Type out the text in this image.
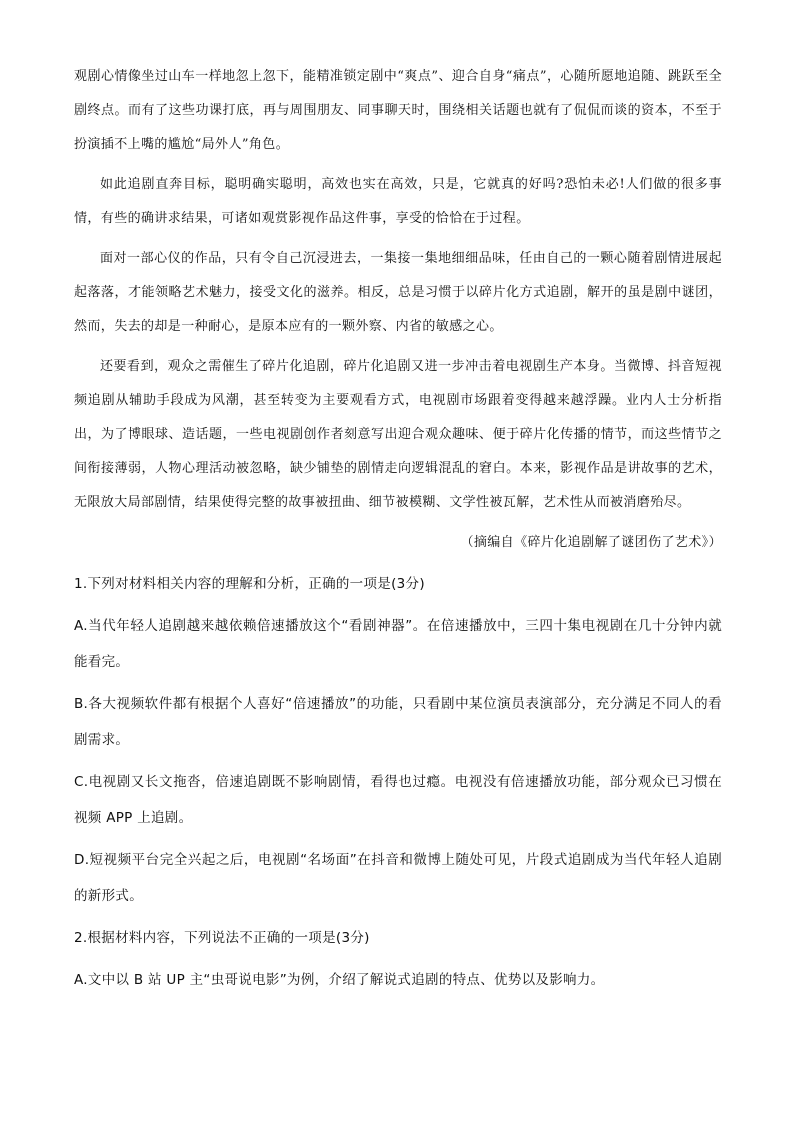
观剧心情像坐过山车一样地忽上忽下，能精准锁定剧中“爽点”、迎合自身“痛点”，心随所愿地追随、跳跃至全剧终点。而有了这些功课打底，再与周围朋友、同事聊天时，围绕相关话题也就有了侃侃而谈的资本，不至于扮演插不上嘴的尴尬“局外人”角色。

如此追剧直奔目标，聪明确实聪明，高效也实在高效，只是，它就真的好吗?恐怕未必!人们做的很多事情，有些的确讲求结果，可诸如观赏影视作品这件事，享受的恰恰在于过程。

面对一部心仪的作品，只有令自己沉浸进去，一集接一集地细细品味，任由自己的一颗心随着剧情进展起起落落，才能领略艺术魅力，接受文化的滋养。相反，总是习惯于以碎片化方式追剧，解开的虽是剧中谜团，然而，失去的却是一种耐心，是原本应有的一颗外察、内省的敏感之心。

还要看到，观众之需催生了碎片化追剧，碎片化追剧又进一步冲击着电视剧生产本身。当微博、抖音短视频追剧从辅助手段成为风潮，甚至转变为主要观看方式，电视剧市场跟着变得越来越浮躁。业内人士分析指出，为了博眼球、造话题，一些电视剧创作者刻意写出迎合观众趣味、便于碎片化传播的情节，而这些情节之间衔接薄弱，人物心理活动被忽略，缺少铺垫的剧情走向逻辑混乱的窘白。本来，影视作品是讲故事的艺术，无限放大局部剧情，结果使得完整的故事被扭曲、细节被模糊、文学性被瓦解，艺术性从而被消磨殆尽。

（摘编自《碎片化追剧解了谜团伤了艺术》）

1.下列对材料相关内容的理解和分析，正确的一项是(3分)

A.当代年轻人追剧越来越依赖倍速播放这个“看剧神器”。在倍速播放中，三四十集电视剧在几十分钟内就能看完。

B.各大视频软件都有根据个人喜好“倍速播放”的功能，只看剧中某位演员表演部分，充分满足不同人的看剧需求。

C.电视剧又长文拖沓，倍速追剧既不影响剧情，看得也过瘾。电视没有倍速播放功能，部分观众已习惯在视频 APP 上追剧。

D.短视频平台完全兴起之后，电视剧“名场面”在抖音和微博上随处可见，片段式追剧成为当代年轻人追剧的新形式。

2.根据材料内容，下列说法不正确的一项是(3分)

A.文中以 B 站 UP 主“虫哥说电影”为例，介绍了解说式追剧的特点、优势以及影响力。
